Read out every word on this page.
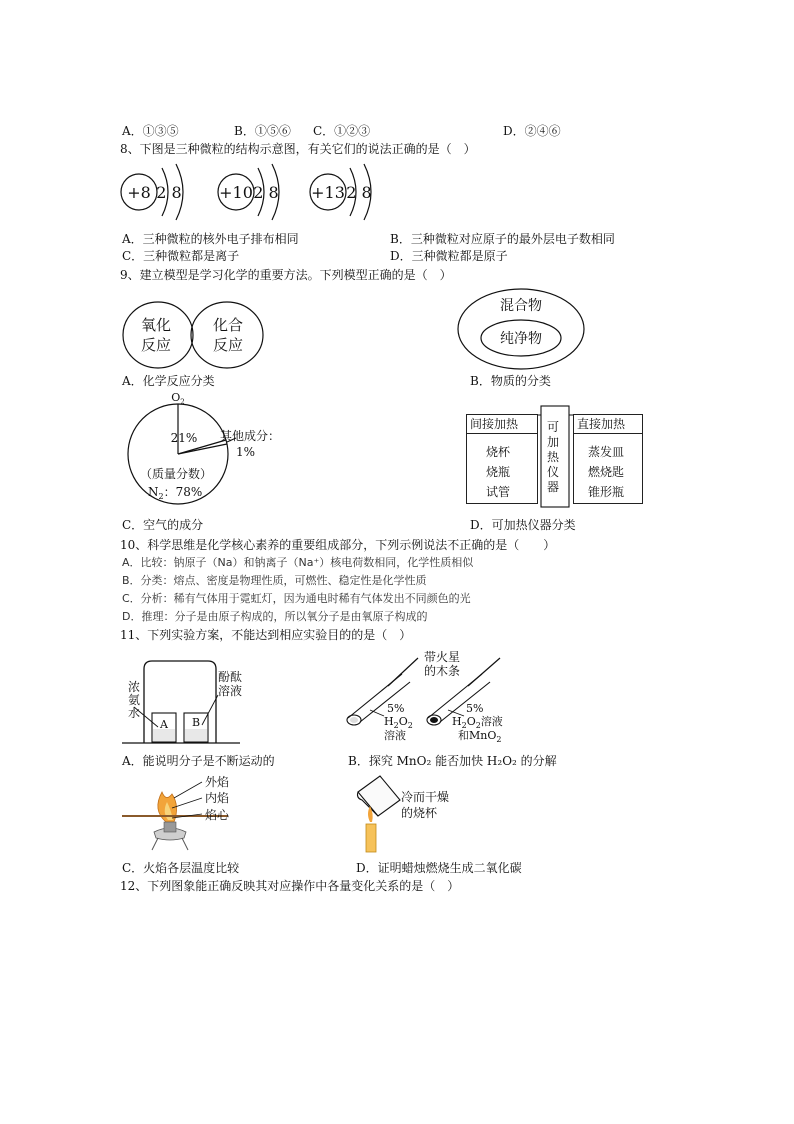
A．①③⑤	B．①⑤⑥ C．①②③	D．②④⑥
8、下图是三种微粒的结构示意图，有关它们的说法正确的是（　）
+8 2 8 +10 2 8 +13 2 8
A．三种微粒的核外电子排布相同	B．三种微粒对应原子的最外层电子数相同
C．三种微粒都是离子	D．三种微粒都是原子
9、建立模型是学习化学的重要方法。下列模型正确的是（　）
氧化
反应
化合
反应
混合物
纯净物
A．化学反应分类	B．物质的分类
$O_2$
21% 其他成分：
1%
（质量分数）
$N_2$：78%
间接加热
烧杯
烧瓶
试管
可加热仪器
直接加热
蒸发皿
燃烧匙
锥形瓶
C．空气的成分	D．可加热仪器分类
10、科学思维是化学核心素养的重要组成部分，下列示例说法不正确的是（　　）
A．比较：钠原子（Na）和钠离子（Na⁺）核电荷数相同，化学性质相似
B．分类：熔点、密度是物理性质，可燃性、稳定性是化学性质
C．分析：稀有气体用于霓虹灯，因为通电时稀有气体发出不同颜色的光
D．推理：分子是由原子构成的，所以氧分子是由氧原子构成的
11、下列实验方案，不能达到相应实验目的的是（　）
A B
浓
氨
水
酚酞
溶液
带火星
的木条
5%
$H_2O_2$
溶液
5%
$H_2O_2$溶液
和MnO$_2$
A．能说明分子是不断运动的	B．探究 MnO₂ 能否加快 H₂O₂ 的分解
外焰
内焰
焰心
冷而干燥
的烧杯
C．火焰各层温度比较	D．证明蜡烛燃烧生成二氧化碳
12、下列图象能正确反映其对应操作中各量变化关系的是（　）
